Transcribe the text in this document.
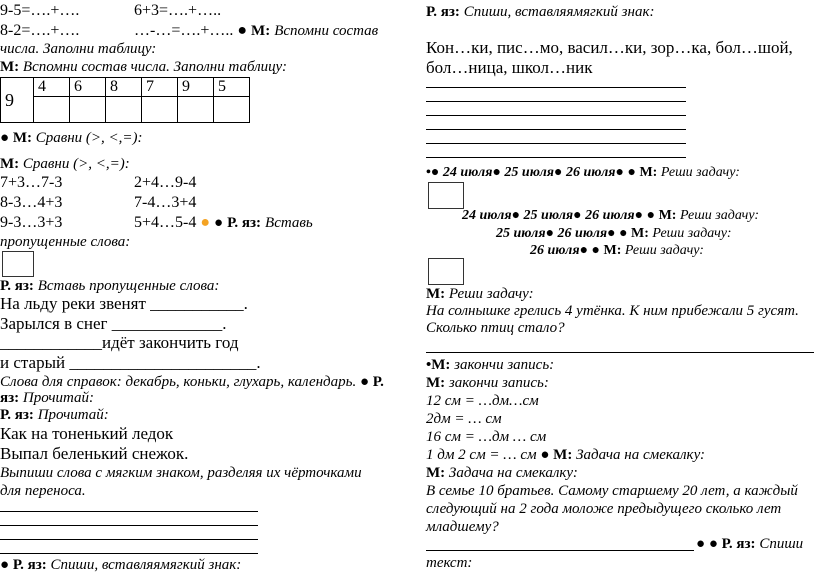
9-5=….+….	6+3=….+…..
8-2=….+….	…-…=….+….. ● М: Вспомни состав
числа. Заполни таблицу:
М: Вспомни состав числа. Заполни таблицу:
9	4	6	8	7	9	5

● М: Сравни (>, <,=):
М: Сравни (>, <,=):
7+3…7-3	2+4…9-4
8-3…4+3	7-4…3+4
9-3…3+3	5+4…5-4 ● ● Р. яз: Вставь
пропущенные слова:
Р. яз: Вставь пропущенные слова:
На льду реки звенят ___________.
Зарылся в снег _____________.
____________идёт закончить год
и старый ______________________.
Слова для справок: декабрь, коньки, глухарь, календарь. ● Р.
яз: Прочитай:
Р. яз: Прочитай:
Как на тоненький ледок
Выпал беленький снежок.
Выпиши слова с мягким знаком, разделяя их чёрточками
для переноса.
● Р. яз: Спиши, вставляямягкий знак:
Р. яз: Спиши, вставляямягкий знак:
Кон…ки, пис…мо, васил…ки, зор…ка, бол…шой,
бол…ница, школ…ник
•● 24 июля● 25 июля● 26 июля● ● М: Реши задачу:
24 июля● 25 июля● 26 июля● ● М: Реши задачу:
25 июля● 26 июля● ● М: Реши задачу:
26 июля● ● М: Реши задачу:
М: Реши задачу:
На солнышке грелись 4 утёнка. К ним прибежали 5 гусят.
Сколько птиц стало?
•М: закончи запись:
М: закончи запись:
12 см = …дм…см
2дм = … см
16 см = …дм … см
1 дм 2 см = … см ● М: Задача на смекалку:
М: Задача на смекалку:
В семье 10 братьев. Самому старшему 20 лет, а каждый
следующий на 2 года моложе предыдущего сколько лет
младшему?
● ● Р. яз: Спиши
текст:
